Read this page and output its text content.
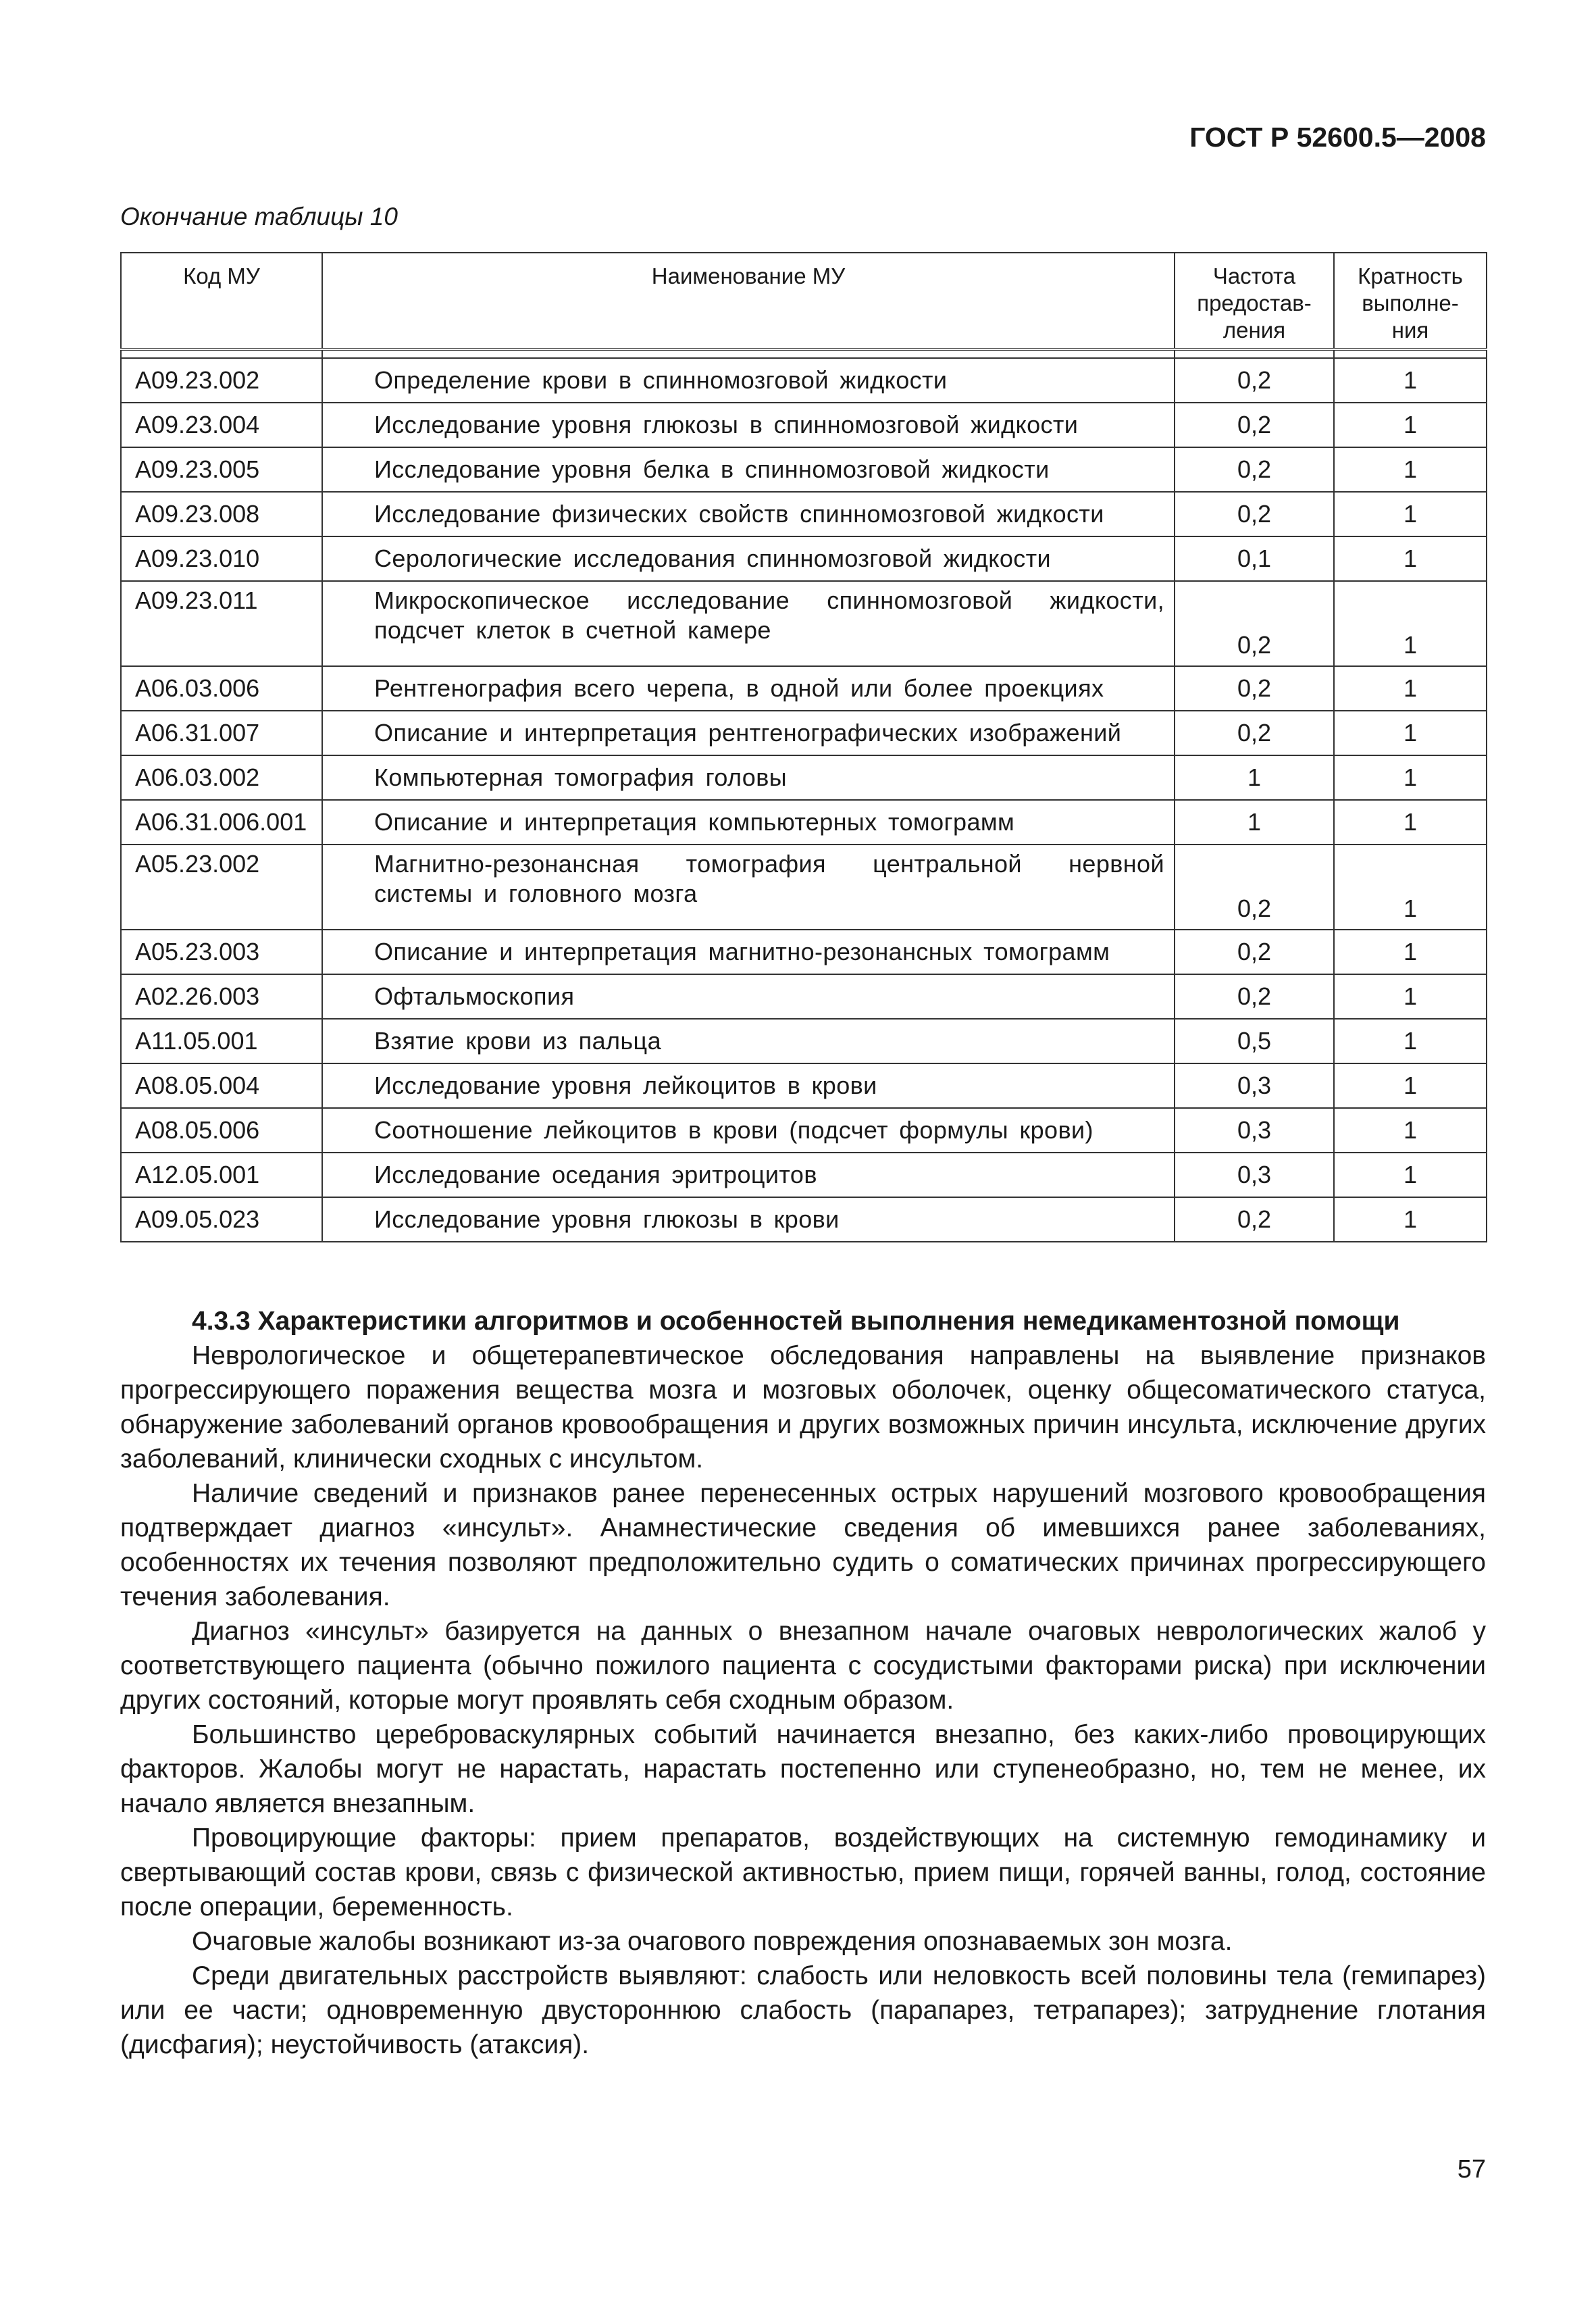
ГОСТ Р 52600.5—2008
Окончание таблицы 10
Код МУ	Наименование МУ	Частота предостав- ления	Кратность выполне- ния

A09.23.002	Определение крови в спинномозговой жидкости	0,2	1
A09.23.004	Исследование уровня глюкозы в спинномозговой жидкости	0,2	1
A09.23.005	Исследование уровня белка в спинномозговой жидкости	0,2	1
A09.23.008	Исследование физических свойств спинномозговой жидкости	0,2	1
A09.23.010	Серологические исследования спинномозговой жидкости	0,1	1
A09.23.011	Микроскопическое исследование спинномозговой жидкости, подсчет клеток в счетной камере	0,2	1
A06.03.006	Рентгенография всего черепа, в одной или более проекциях	0,2	1
A06.31.007	Описание и интерпретация рентгенографических изображений	0,2	1
A06.03.002	Компьютерная томография головы	1	1
A06.31.006.001	Описание и интерпретация компьютерных томограмм	1	1
A05.23.002	Магнитно-резонансная томография центральной нервной системы и головного мозга	0,2	1
A05.23.003	Описание и интерпретация магнитно-резонансных томограмм	0,2	1
A02.26.003	Офтальмоскопия	0,2	1
A11.05.001	Взятие крови из пальца	0,5	1
A08.05.004	Исследование уровня лейкоцитов в крови	0,3	1
A08.05.006	Соотношение лейкоцитов в крови (подсчет формулы крови)	0,3	1
A12.05.001	Исследование оседания эритроцитов	0,3	1
A09.05.023	Исследование уровня глюкозы в крови	0,2	1

4.3.3 Характеристики алгоритмов и особенностей выполнения немедикаментозной помощи

Неврологическое и общетерапевтическое обследования направлены на выявление признаков прогрессирующего поражения вещества мозга и мозговых оболочек, оценку общесоматического статуса, обнаружение заболеваний органов кровообращения и других возможных причин инсульта, исключение других заболеваний, клинически сходных с инсультом.

Наличие сведений и признаков ранее перенесенных острых нарушений мозгового кровообращения подтверждает диагноз «инсульт». Анамнестические сведения об имевшихся ранее заболеваниях, особенностях их течения позволяют предположительно судить о соматических причинах прогрессирующего течения заболевания.

Диагноз «инсульт» базируется на данных о внезапном начале очаговых неврологических жалоб у соответствующего пациента (обычно пожилого пациента с сосудистыми факторами риска) при исключении других состояний, которые могут проявлять себя сходным образом.

Большинство цереброваскулярных событий начинается внезапно, без каких-либо провоцирующих факторов. Жалобы могут не нарастать, нарастать постепенно или ступенеобразно, но, тем не менее, их начало является внезапным.

Провоцирующие факторы: прием препаратов, воздействующих на системную гемодинамику и свертывающий состав крови, связь с физической активностью, прием пищи, горячей ванны, голод, состояние после операции, беременность.

Очаговые жалобы возникают из-за очагового повреждения опознаваемых зон мозга.

Среди двигательных расстройств выявляют: слабость или неловкость всей половины тела (гемипарез) или ее части; одновременную двустороннюю слабость (парапарез, тетрапарез); затруднение глотания (дисфагия); неустойчивость (атаксия).

57
